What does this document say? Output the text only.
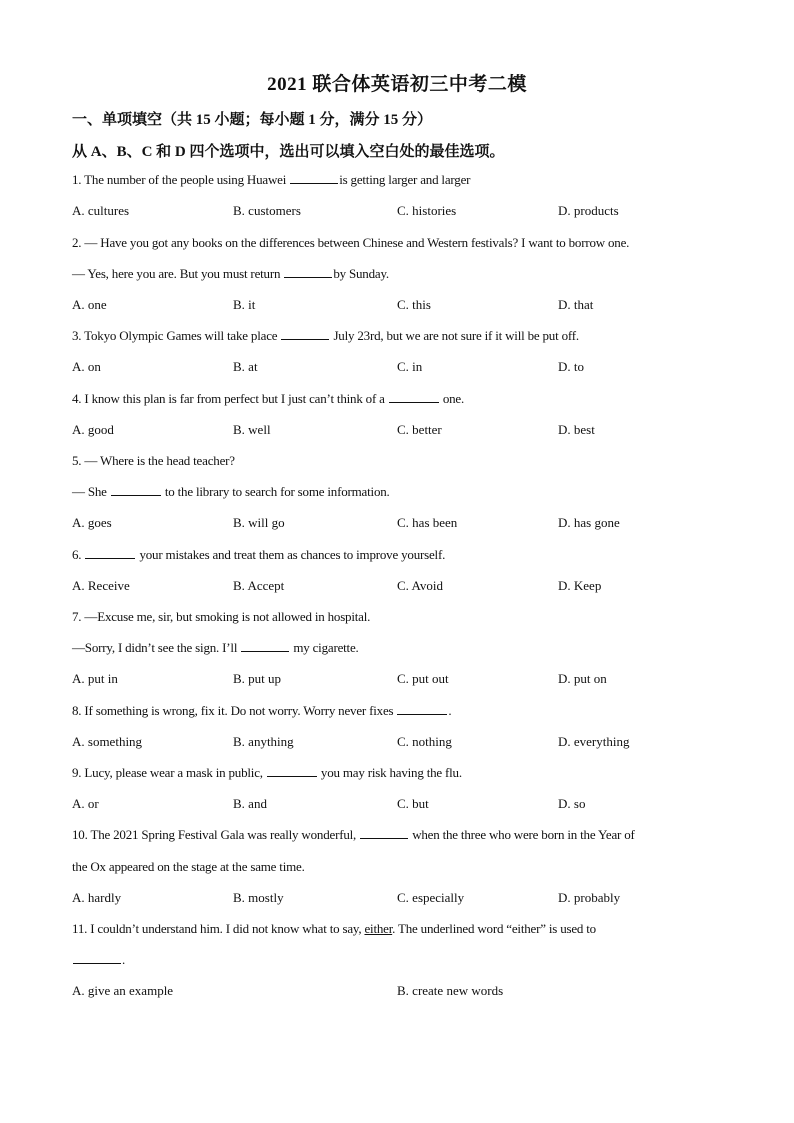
2021 联合体英语初三中考二模
一、单项填空（共 15 小题；每小题 1 分，满分 15 分）
从 A、B、C 和 D 四个选项中，选出可以填入空白处的最佳选项。
1. The number of the people using Huawei	is getting larger and larger
A. cultures	B. customers	C. histories	D. products
2. — Have you got any books on the differences between Chinese and Western festivals? I want to borrow one.
— Yes, here you are. But you must return	by Sunday.
A. one	B. it	C. this	D. that
3. Tokyo Olympic Games will take place	July 23rd, but we are not sure if it will be put off.
A. on	B. at	C. in	D. to
4. I know this plan is far from perfect but I just can’t think of a	one.
A. good	B. well	C. better	D. best
5. — Where is the head teacher?
— She	to the library to search for some information.
A. goes	B. will go	C. has been	D. has gone
6.	your mistakes and treat them as chances to improve yourself.
A. Receive	B. Accept	C. Avoid	D. Keep
7. —Excuse me, sir, but smoking is not allowed in hospital.
—Sorry, I didn’t see the sign. I’ll	my cigarette.
A. put in	B. put up	C. put out	D. put on
8. If something is wrong, fix it. Do not worry. Worry never fixes	.
A. something	B. anything	C. nothing	D. everything
9. Lucy, please wear a mask in public,	you may risk having the flu.
A. or	B. and	C. but	D. so
10. The 2021 Spring Festival Gala was really wonderful,	when the three who were born in the Year of
the Ox appeared on the stage at the same time.
A. hardly	B. mostly	C. especially	D. probably
11. I couldn’t understand him. I did not know what to say, either. The underlined word “either” is used to
.
A. give an example	B. create new words
